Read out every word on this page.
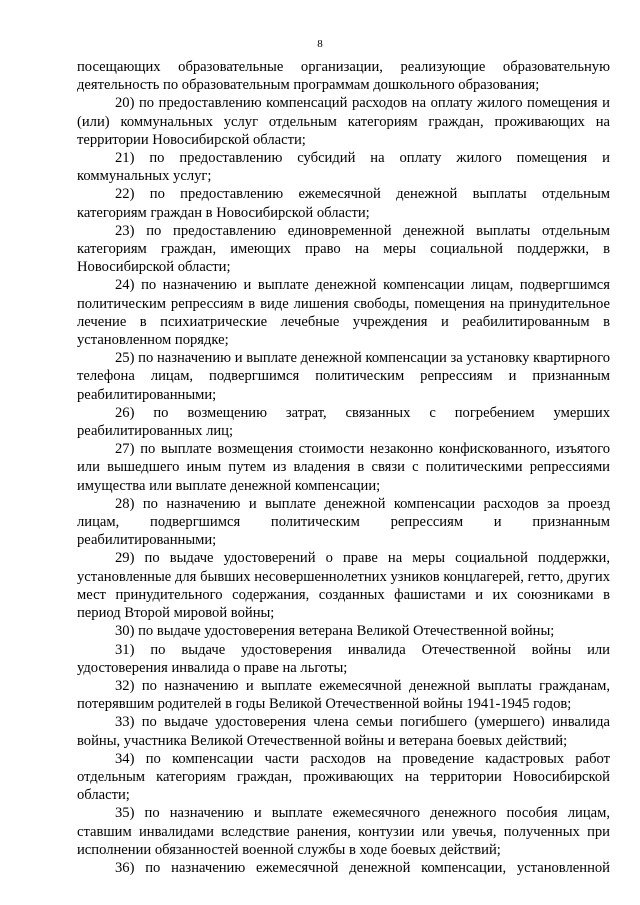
8

посещающих образовательные организации, реализующие образовательную деятельность по образовательным программам дошкольного образования;

20) по предоставлению компенсаций расходов на оплату жилого помещения и (или) коммунальных услуг отдельным категориям граждан, проживающих на территории Новосибирской области;

21) по предоставлению субсидий на оплату жилого помещения и коммунальных услуг;

22) по предоставлению ежемесячной денежной выплаты отдельным категориям граждан в Новосибирской области;

23) по предоставлению единовременной денежной выплаты отдельным категориям граждан, имеющих право на меры социальной поддержки, в Новосибирской области;

24) по назначению и выплате денежной компенсации лицам, подвергшимся политическим репрессиям в виде лишения свободы, помещения на принудительное лечение в психиатрические лечебные учреждения и реабилитированным в установленном порядке;

25) по назначению и выплате денежной компенсации за установку квартирного телефона лицам, подвергшимся политическим репрессиям и признанным реабилитированными;

26) по возмещению затрат, связанных с погребением умерших реабилитированных лиц;

27) по выплате возмещения стоимости незаконно конфискованного, изъятого или вышедшего иным путем из владения в связи с политическими репрессиями имущества или выплате денежной компенсации;

28) по назначению и выплате денежной компенсации расходов за проезд лицам, подвергшимся политическим репрессиям и признанным реабилитированными;

29) по выдаче удостоверений о праве на меры социальной поддержки, установленные для бывших несовершеннолетних узников концлагерей, гетто, других мест принудительного содержания, созданных фашистами и их союзниками в период Второй мировой войны;

30) по выдаче удостоверения ветерана Великой Отечественной войны;

31) по выдаче удостоверения инвалида Отечественной войны или удостоверения инвалида о праве на льготы;

32) по назначению и выплате ежемесячной денежной выплаты гражданам, потерявшим родителей в годы Великой Отечественной войны 1941-1945 годов;

33) по выдаче удостоверения члена семьи погибшего (умершего) инвалида войны, участника Великой Отечественной войны и ветерана боевых действий;

34) по компенсации части расходов на проведение кадастровых работ отдельным категориям граждан, проживающих на территории Новосибирской области;

35) по назначению и выплате ежемесячного денежного пособия лицам, ставшим инвалидами вследствие ранения, контузии или увечья, полученных при исполнении обязанностей военной службы в ходе боевых действий;

36) по назначению ежемесячной денежной компенсации, установленной
